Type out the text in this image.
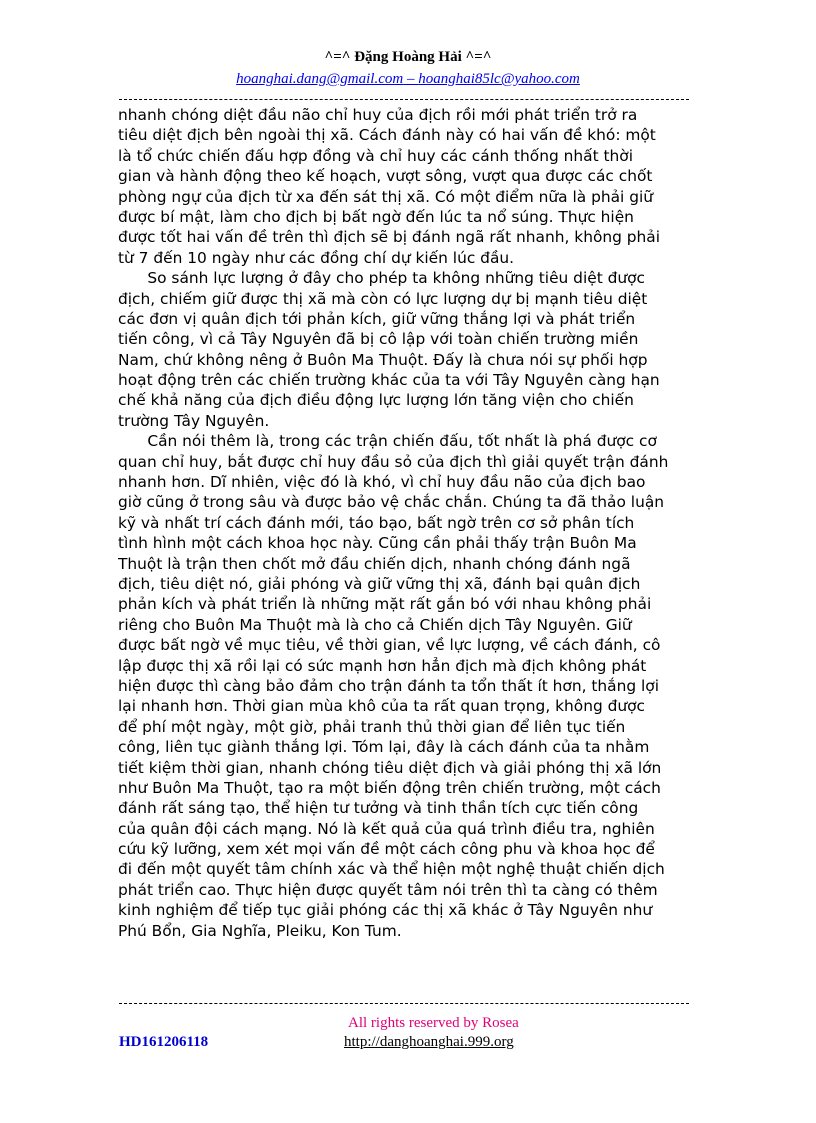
^=^ Đặng Hoàng Hải ^=^
hoanghai.dang@gmail.com – hoanghai85lc@yahoo.com
nhanh chóng diệt đầu não chỉ huy của địch rồi mới phát triển trở ra
tiêu diệt địch bên ngoài thị xã. Cách đánh này có hai vấn đề khó: một
là tổ chức chiến đấu hợp đồng và chỉ huy các cánh thống nhất thời
gian và hành động theo kế hoạch, vượt sông, vượt qua được các chốt
phòng ngự của địch từ xa đến sát thị xã. Có một điểm nữa là phải giữ
được bí mật, làm cho địch bị bất ngờ đến lúc ta nổ súng. Thực hiện
được tốt hai vấn đề trên thì địch sẽ bị đánh ngã rất nhanh, không phải
từ 7 đến 10 ngày như các đồng chí dự kiến lúc đầu.
So sánh lực lượng ở đây cho phép ta không những tiêu diệt được
địch, chiếm giữ được thị xã mà còn có lực lượng dự bị mạnh tiêu diệt
các đơn vị quân địch tới phản kích, giữ vững thắng lợi và phát triển
tiến công, vì cả Tây Nguyên đã bị cô lập với toàn chiến trường miền
Nam, chứ không nêng ở Buôn Ma Thuột. Đấy là chưa nói sự phối hợp
hoạt động trên các chiến trường khác của ta với Tây Nguyên càng hạn
chế khả năng của địch điều động lực lượng lớn tăng viện cho chiến
trường Tây Nguyên.
Cần nói thêm là, trong các trận chiến đấu, tốt nhất là phá được cơ
quan chỉ huy, bắt được chỉ huy đầu sỏ của địch thì giải quyết trận đánh
nhanh hơn. Dĩ nhiên, việc đó là khó, vì chỉ huy đầu não của địch bao
giờ cũng ở trong sâu và được bảo vệ chắc chắn. Chúng ta đã thảo luận
kỹ và nhất trí cách đánh mới, táo bạo, bất ngờ trên cơ sở phân tích
tình hình một cách khoa học này. Cũng cần phải thấy trận Buôn Ma
Thuột là trận then chốt mở đầu chiến dịch, nhanh chóng đánh ngã
địch, tiêu diệt nó, giải phóng và giữ vững thị xã, đánh bại quân địch
phản kích và phát triển là những mặt rất gắn bó với nhau không phải
riêng cho Buôn Ma Thuột mà là cho cả Chiến dịch Tây Nguyên. Giữ
được bất ngờ về mục tiêu, về thời gian, về lực lượng, về cách đánh, cô
lập được thị xã rồi lại có sức mạnh hơn hẳn địch mà địch không phát
hiện được thì càng bảo đảm cho trận đánh ta tổn thất ít hơn, thắng lợi
lại nhanh hơn. Thời gian mùa khô của ta rất quan trọng, không được
để phí một ngày, một giờ, phải tranh thủ thời gian để liên tục tiến
công, liên tục giành thắng lợi. Tóm lại, đây là cách đánh của ta nhằm
tiết kiệm thời gian, nhanh chóng tiêu diệt địch và giải phóng thị xã lớn
như Buôn Ma Thuột, tạo ra một biến động trên chiến trường, một cách
đánh rất sáng tạo, thể hiện tư tưởng và tinh thần tích cực tiến công
của quân đội cách mạng. Nó là kết quả của quá trình điều tra, nghiên
cứu kỹ lưỡng, xem xét mọi vấn đề một cách công phu và khoa học để
đi đến một quyết tâm chính xác và thể hiện một nghệ thuật chiến dịch
phát triển cao. Thực hiện được quyết tâm nói trên thì ta càng có thêm
kinh nghiệm để tiếp tục giải phóng các thị xã khác ở Tây Nguyên như
Phú Bổn, Gia Nghĩa, Pleiku, Kon Tum.
All rights reserved by Rosea
HD161206118	http://danghoanghai.999.org
